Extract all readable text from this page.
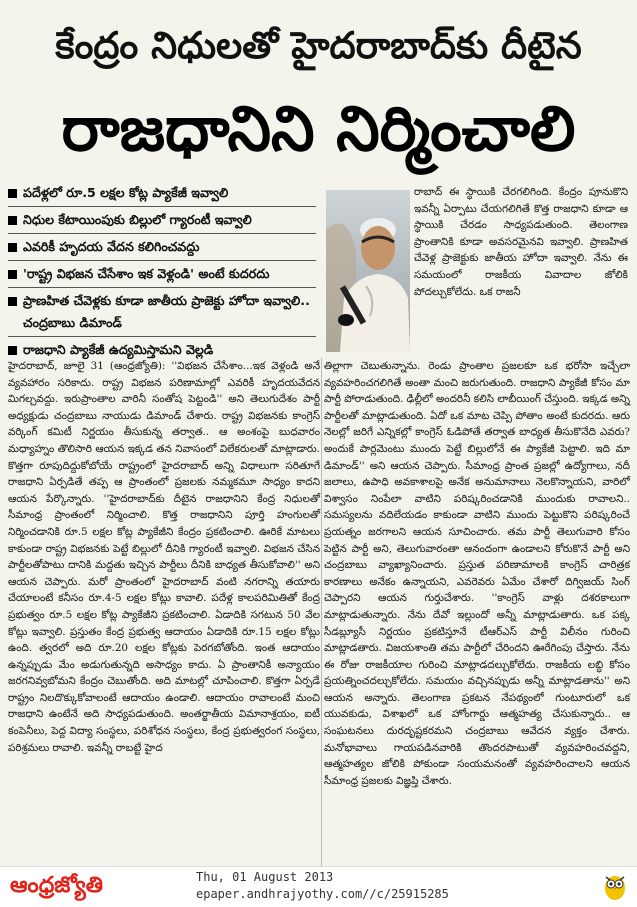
కేంద్రం నిధులతో హైదరాబాద్‌కు దీటైన
రాజధానిని నిర్మించాలి
పదేళ్లలో రూ.5 లక్షల కోట్ల ప్యాకేజీ ఇవ్వాలి
నిధుల కేటాయింపుకు బిల్లులో గ్యారంటీ ఇవ్వాలి
ఎవరికీ హృదయ వేదన కలిగించవద్దు
'రాష్ట్ర విభజన చేసేశాం ఇక వెళ్లండి' అంటే కుదరదు
ప్రాణహిత చేవెళ్లకు కూడా జాతీయ ప్రాజెక్టు హోదా ఇవ్వాలి.. చంద్రబాబు డిమాండ్
రాజధాని ప్యాకేజీ ఉద్యమిస్తామని వెల్లడి

రాబాద్ ఈ స్థాయికి చేరగలిగింది. కేంద్రం పూనుకొని ఇవన్నీ ఏర్పాటు చేయగలిగితే కొత్త రాజధాని కూడా ఆ స్థాయికి చేరడం సాధ్యపడుతుంది. తెలంగాణ ప్రాంతానికి కూడా అవసరమైనవి ఇవ్వాలి. ప్రాణహిత చేవెళ్ల ప్రాజెక్టుకు జాతీయ హోదా ఇవ్వాలి. నేను ఈ సమయంలో రాజకీయ వివాదాల జోలికి పోదల్చుకోలేదు. ఒక రాజనీ

హైదరాబాద్, జూలై 31 (ఆంధ్రజ్యోతి): ''విభజన చేసేశాం...ఇక వెళ్లండి అనే వ్యవహారం సరికాదు. రాష్ట్ర విభజన పరిణామాల్లో ఎవరికీ హృదయవేదన మిగల్చవద్దు. ఇరుప్రాంతాల వారినీ సంతోష పెట్టండి'' అని తెలుగుదేశం పార్టీ అధ్యక్షుడు చంద్రబాబు నాయుడు డిమాండ్ చేశారు. రాష్ట్ర విభజనకు కాంగ్రెస్ వర్కింగ్ కమిటీ నిర్ణయం తీసుకున్న తర్వాత.. ఆ అంశంపై బుధవారం మధ్యాహ్నం తొలిసారి ఆయన ఇక్కడ తన నివాసంలో విలేకరులతో మాట్లాడారు. కొత్తగా రూపుదిద్దుకోబోయే రాష్ట్రంలో హైదరాబాద్ అన్ని విధాలుగా సరితూగే రాజధాని ఏర్పడితే తప్ప ఆ ప్రాంతంలో ప్రజలకు నమ్మకమూ సాధ్యం కాదని ఆయన పేర్కొన్నారు. ''హైదరాబాద్‌కు దీటైన రాజధానిని కేంద్ర నిధులతో సీమాంధ్ర ప్రాంతంలో నిర్మించాలి. కొత్త రాజధానిని పూర్తి హంగులతో నిర్మించడానికి రూ.5 లక్షల కోట్ల ప్యాకేజీని కేంద్రం ప్రకటించాలి. ఊరికే మాటలు కాకుండా రాష్ట్ర విభజనకు పెట్టే బిల్లులో దీనికి గ్యారంటీ ఇవ్వాలి. విభజన చేసిన పార్టీలతోపాటు దానికి మద్దతు ఇచ్చిన పార్టీలు దీనికి బాధ్యత తీసుకోవాలి'' అని ఆయన చెప్పారు. మరో ప్రాంతంలో హైదరాబాద్ వంటి నగరాన్ని తయారు చేయాలంటే కనీసం రూ.4-5 లక్షల కోట్లు కావాలి. పదేళ్ల కాలపరిమితితో కేంద్ర ప్రభుత్వం రూ.5 లక్షల కోట్ల ప్యాకేజీని ప్రకటించాలి. ఏడాదికి సగటున 50 వేల కోట్లు ఇవ్వాలి. ప్రస్తుతం కేంద్ర ప్రభుత్వ ఆదాయం ఏడాదికి రూ.15 లక్షల కోట్లు ఉంది. త్వరలో అది రూ.20 లక్షల కోట్లకు పెరగబోతోంది. ఇంత ఆదాయం ఉన్నప్పుడు మేం అడుగుతున్నది అసాధ్యం కాదు. ఏ ప్రాంతానికీ అన్యాయం జరగనివ్వబోమని కేంద్రం చెబుతోంది. అది మాటల్లో చూపించాలి. కొత్తగా ఏర్పడే రాష్ట్రం నిలదొక్కుకోవాలంటే ఆదాయం ఉండాలి. ఆదాయం రావాలంటే మంచి రాజధాని ఉంటేనే అది సాధ్యపడుతుంది. అంతర్జాతీయ విమానాశ్రయం, ఐటీ కంపెనీలు, పెద్ద విద్యా సంస్థలు, పరిశోధన సంస్థలు, కేంద్ర ప్రభుత్వరంగ సంస్థలు, పరిశ్రమలు రావాలి. ఇవన్నీ రాబట్టే హైద

తిల్లాగా చెబుతున్నాను. రెండు ప్రాంతాల ప్రజలకూ ఒక భరోసా ఇచ్చేలా వ్యవహరించగలిగితే అంతా మంచి జరుగుతుంది. రాజధాని ప్యాకేజీ కోసం మా పార్టీ పోరాడుతుంది. ఢిల్లీలో అందరినీ కలిసి లాబీయింగ్ చేస్తుంది. ఇక్కడ అన్ని పార్టీలతో మాట్లాడుతుంది. ఏదో ఒక మాట చెప్పి పోతాం అంటే కుదరదు. ఆరు నెలల్లో జరిగే ఎన్నికల్లో కాంగ్రెస్ ఓడిపోతే తర్వాత బాధ్యత తీసుకొనేది ఎవరు? అందుకే పార్లమెంటు ముందు పెట్టే బిల్లులోనే ఈ ప్యాకేజీ పెట్టాలి. ఇది మా డిమాండ్'' అని ఆయన చెప్పారు. సీమాంధ్ర ప్రాంత ప్రజల్లో ఉద్యోగాలు, నదీ జలాలు, ఉపాధి అవకాశాలపై అనేక అనుమానాలు నెలకొన్నాయని, వారిలో విశ్వాసం నింపేలా వాటిని పరిష్కరించడానికి ముందుకు రావాలని.. సమస్యలను వదిలేయడం కాకుండా వాటిని ముందు పెట్టుకొని పరిష్కరించే ప్రయత్నం జరగాలని ఆయన సూచించారు. తమ పార్టీ తెలుగువారి కోసం పెట్టిన పార్టీ అని, తెలుగువారంతా ఆనందంగా ఉండాలని కోరుకొనే పార్టీ అని చంద్రబాబు వ్యాఖ్యానించారు. ప్రస్తుత పరిణామాలకి కాంగ్రెస్ చారిత్రక కారణాలు అనేకం ఉన్నాయని, ఎవరెవరు ఏమేం చేశారో దిగ్విజయ్ సింగ్ చెప్పారని ఆయన గుర్తుచేశారు. ''కాంగ్రెస్ వాళ్లు దశరకాలుగా మాట్లాడుతున్నారు. నేను దేవో ఇల్లుందో అన్నీ మాట్లాడుతారు. ఒక పక్క సీడబ్ల్యూసీ నిర్ణయం ప్రకటిస్తూనే టీఆర్ఎస్ పార్టీ విలీనం గురించి మాట్లాడతారు. విజయశాంతి తమ పార్టీలో చేరిందని ఊరేగింపు చేస్తారు. నేను ఈ రోజు రాజకీయాల గురించి మాట్లాడదల్చుకోలేదు. రాజకీయ లబ్ధి కోసం ప్రయత్నించదల్చుకోలేదు. సమయం వచ్చినప్పుడు అన్నీ మాట్లాడతాను'' అని ఆయన అన్నారు. తెలంగాణ ప్రకటన నేపథ్యంలో గుంటూరులో ఒక యువకుడు, విశాఖలో ఒక హోంగార్డు ఆత్మహత్య చేసుకున్నారు.. ఆ సంఘటనలు దురదృష్టకరమని చంద్రబాబు ఆవేదన వ్యక్తం చేశారు. మనోభావాలు గాయపడినవారికి తొందరపాటుతో వ్యవహరించవద్దని, ఆత్మహత్యల జోలికి పోకుండా సంయమనంతో వ్యవహరించాలని ఆయన సీమాంధ్ర ప్రజలకు విజ్ఞప్తి చేశారు.

ఆంధ్రజ్యోతి	Thu, 01 August 2013
epaper.andhrajyothy.com//c/25915285
